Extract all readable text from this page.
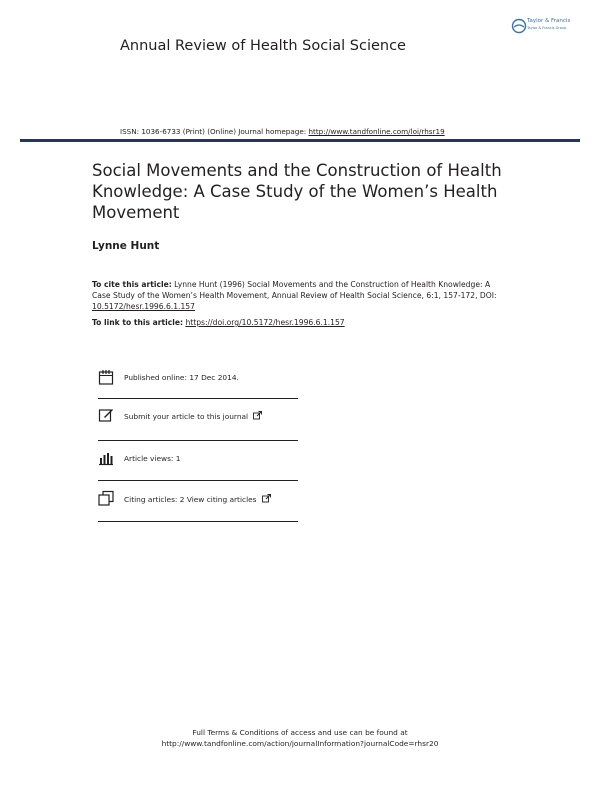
Annual Review of Health Social Science
Taylor & Francis
Taylor & Francis Group
ISSN: 1036-6733 (Print) (Online) Journal homepage: http://www.tandfonline.com/loi/rhsr19
Social Movements and the Construction of Health Knowledge: A Case Study of the Women’s Health Movement
Lynne Hunt
To cite this article: Lynne Hunt (1996) Social Movements and the Construction of Health Knowledge: A Case Study of the Women’s Health Movement, Annual Review of Health Social Science, 6:1, 157-172, DOI: 10.5172/hesr.1996.6.1.157
To link to this article: https://doi.org/10.5172/hesr.1996.6.1.157
Published online: 17 Dec 2014.
Submit your article to this journal
Article views: 1
Citing articles: 2 View citing articles
Full Terms & Conditions of access and use can be found at
http://www.tandfonline.com/action/journalInformation?journalCode=rhsr20
